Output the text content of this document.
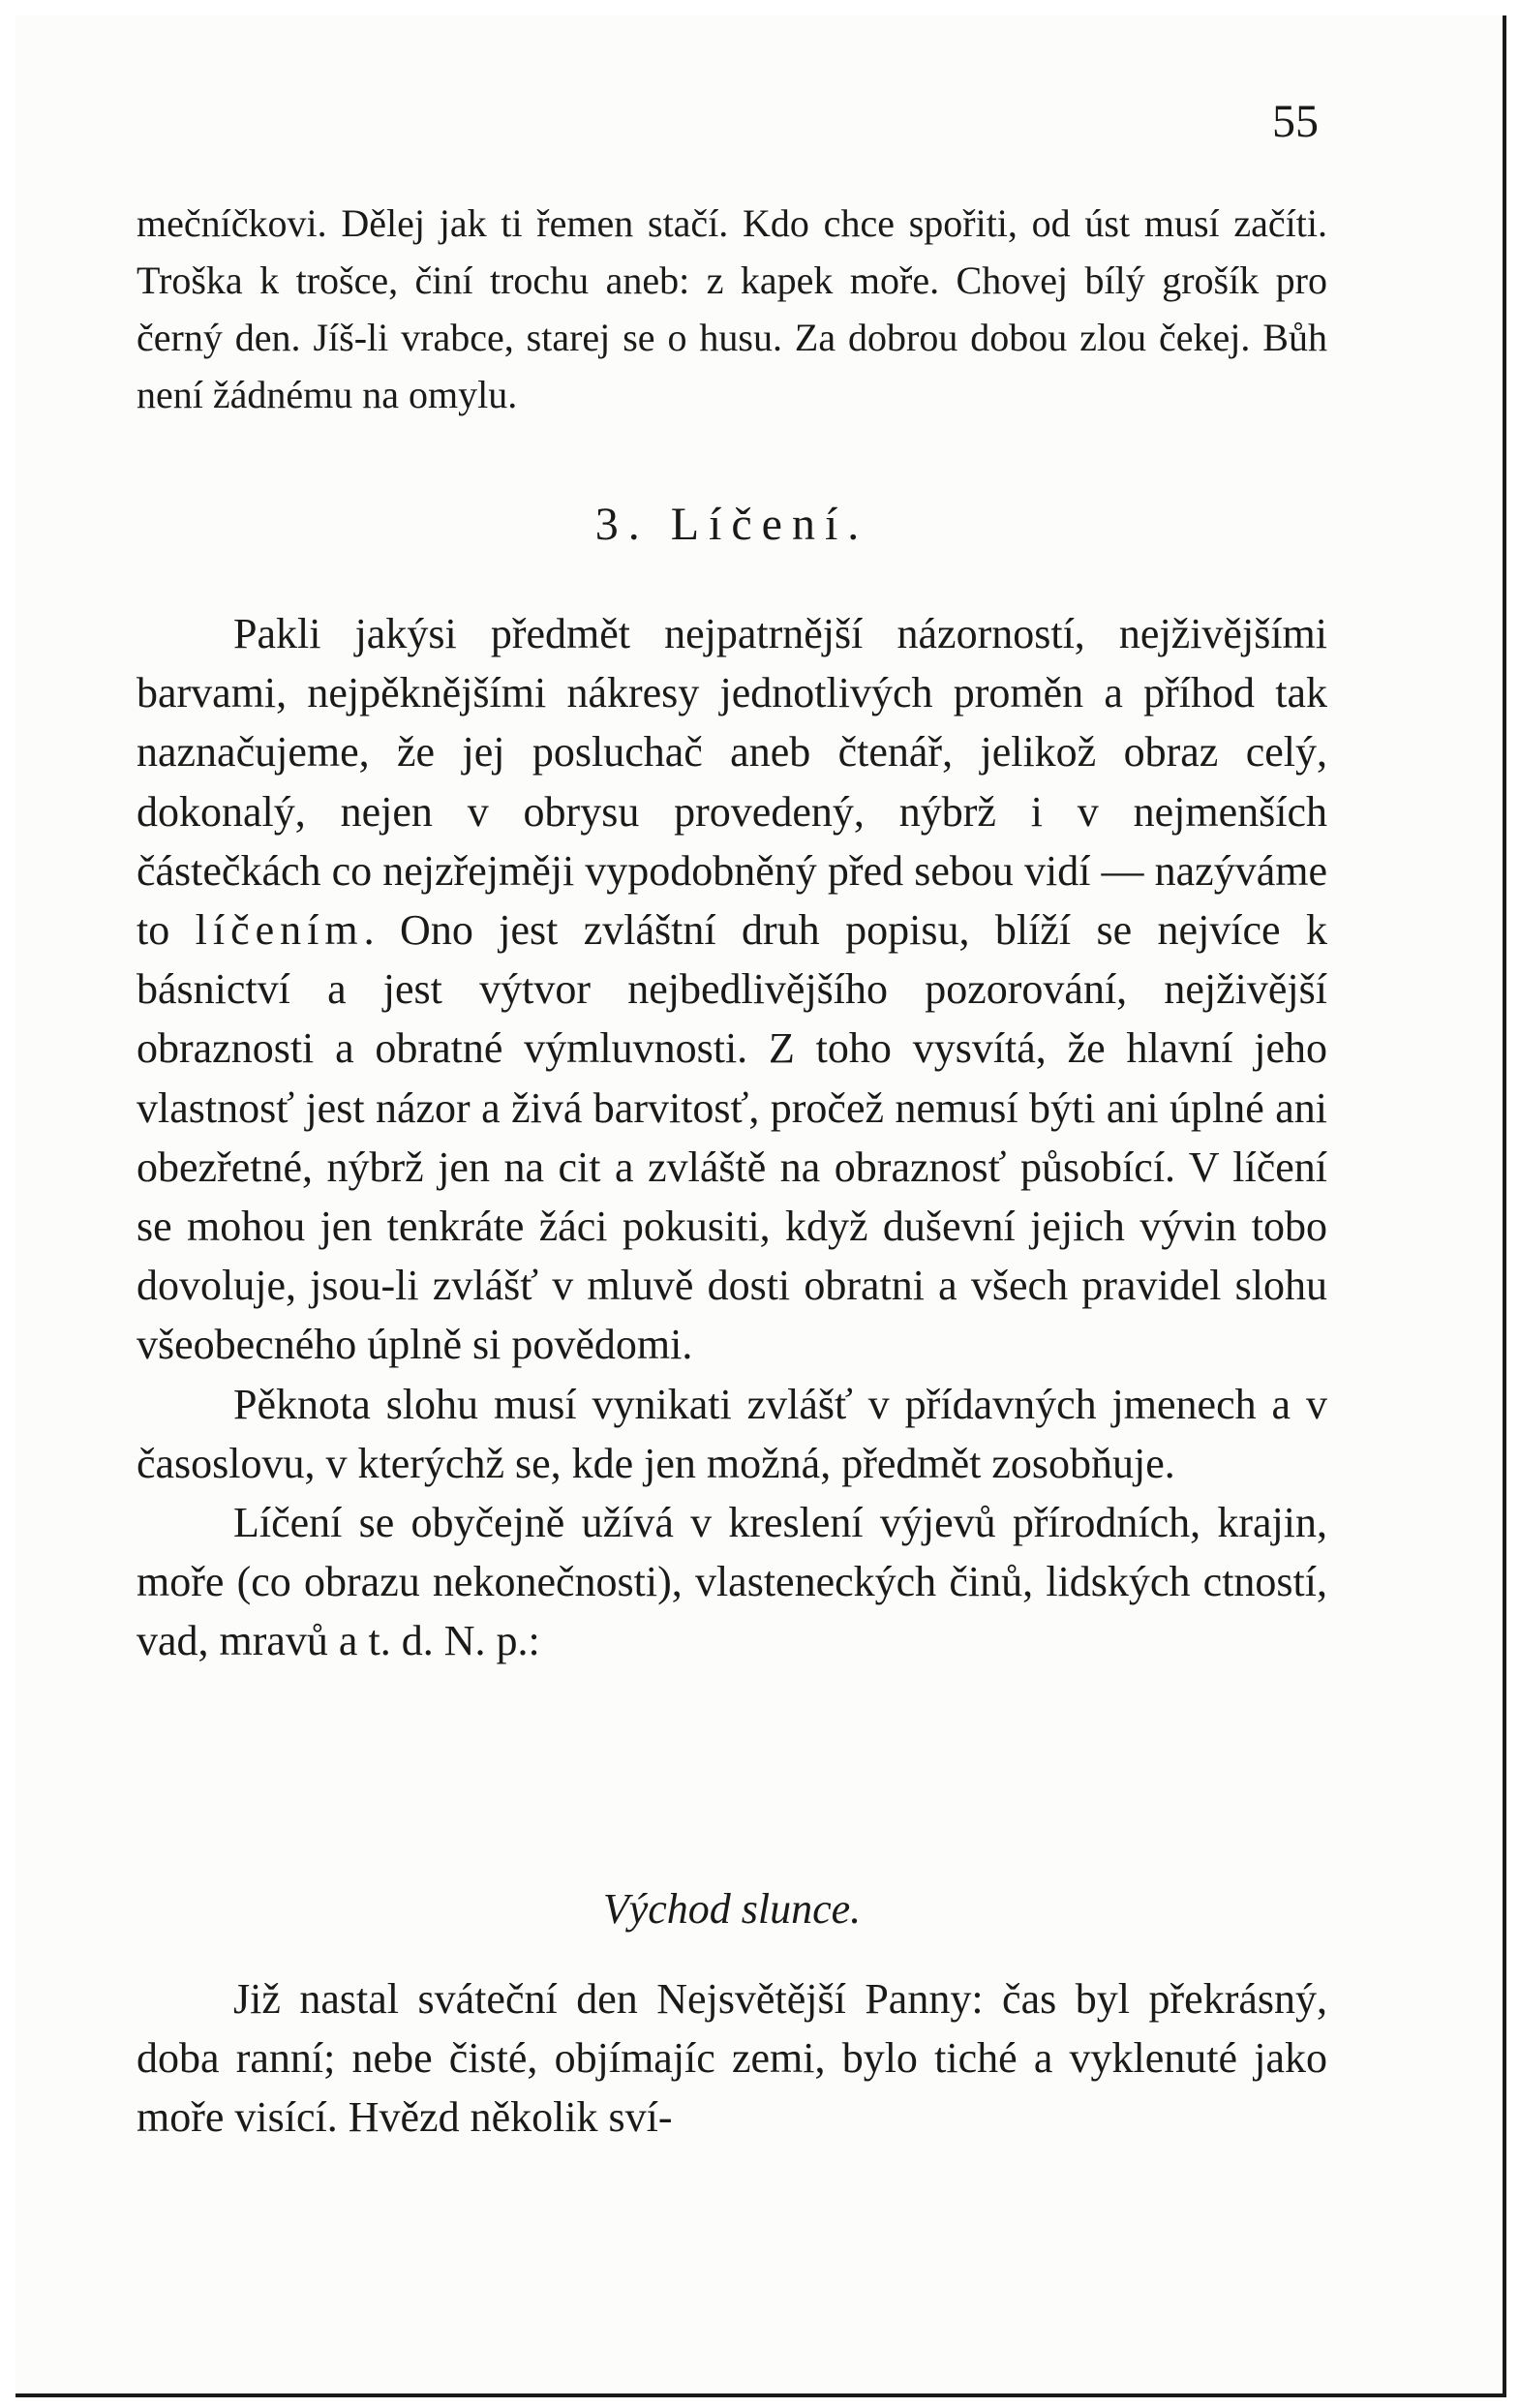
55

mečníčkovi. Dělej jak ti řemen stačí. Kdo chce spořiti, od úst musí začíti. Troška k trošce, činí trochu aneb: z kapek moře. Chovej bílý grošík pro černý den. Jíš-li vrabce, starej se o husu. Za dobrou dobou zlou čekej. Bůh není žádnému na omylu.

3. Líčení.

Pakli jakýsi předmět nejpatrnější názorností, nejživějšími barvami, nejpěknějšími nákresy jednotlivých proměn a příhod tak naznačujeme, že jej posluchač aneb čtenář, jelikož obraz celý, dokonalý, nejen v obrysu provedený, nýbrž i v nejmenších částečkách co nejzřejměji vypodobněný před sebou vidí — nazýváme to líčením. Ono jest zvláštní druh popisu, blíží se nejvíce k básnictví a jest výtvor nejbedlivějšího pozorování, nejživější obraznosti a obratné výmluvnosti. Z toho vysvítá, že hlavní jeho vlastnosť jest názor a živá barvitosť, pročež nemusí býti ani úplné ani obezřetné, nýbrž jen na cit a zvláště na obraznosť působící. V líčení se mohou jen tenkráte žáci pokusiti, když duševní jejich vývin tobo dovoluje, jsou-li zvlášť v mluvě dosti obratni a všech pravidel slohu všeobecného úplně si povědomi.

Pěknota slohu musí vynikati zvlášť v přídavných jmenech a v časoslovu, v kterýchž se, kde jen možná, předmět zosobňuje.

Líčení se obyčejně užívá v kreslení výjevů přírodních, krajin, moře (co obrazu nekonečnosti), vlasteneckých činů, lidských ctností, vad, mravů a t. d. N. p.:

Východ slunce.

Již nastal sváteční den Nejsvětější Panny: čas byl překrásný, doba ranní; nebe čisté, objímajíc zemi, bylo tiché a vyklenuté jako moře visící. Hvězd několik sví-
